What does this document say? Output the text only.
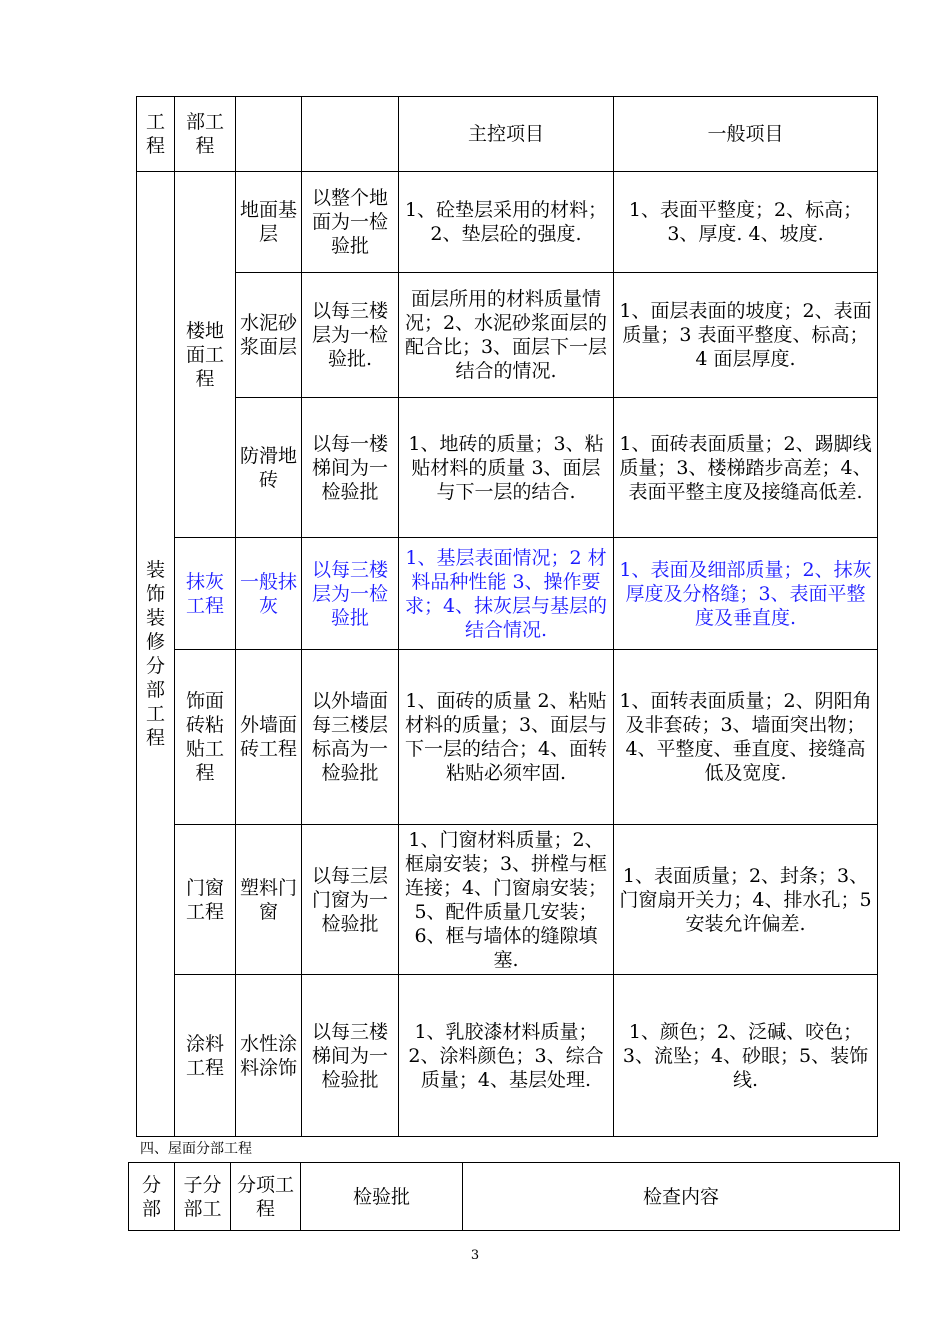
工程	部工程			主控项目	一般项目
装饰装修分部工程	楼地面工程	地面基层	以整个地面为一检验批	1、砼垫层采用的材料；2、垫层砼的强度.	1、表面平整度；2、标高；3、厚度. 4、坡度.
		水泥砂浆面层	以每三楼层为一检验批.	面层所用的材料质量情况；2、水泥砂浆面层的配合比；3、面层下一层结合的情况.	1、面层表面的坡度；2、表面质量；3 表面平整度、标高；4 面层厚度.
		防滑地砖	以每一楼梯间为一检验批	1、地砖的质量；3、粘贴材料的质量 3、面层与下一层的结合.	1、面砖表面质量；2、踢脚线质量；3、楼梯踏步高差；4、表面平整主度及接缝高低差.
	抹灰工程	一般抹灰	以每三楼层为一检验批	1、基层表面情况；2 材料品种性能 3、操作要求；4、抹灰层与基层的结合情况.	1、表面及细部质量；2、抹灰厚度及分格缝；3、表面平整度及垂直度.
	饰面砖粘贴工程	外墙面砖工程	以外墙面每三楼层标高为一检验批	1、面砖的质量 2、粘贴材料的质量；3、面层与下一层的结合；4、面转粘贴必须牢固.	1、面转表面质量；2、阴阳角及非套砖；3、墙面突出物；4、平整度、垂直度、接缝高低及宽度.
	门窗工程	塑料门窗	以每三层门窗为一检验批	1、门窗材料质量；2、框扇安装；3、拼樘与框连接；4、门窗扇安装；5、配件质量几安装；6、框与墙体的缝隙填塞.	1、表面质量；2、封条；3、门窗扇开关力；4、排水孔；5 安装允许偏差.
	涂料工程	水性涂料涂饰	以每三楼梯间为一检验批	1、乳胶漆材料质量；2、涂料颜色；3、综合质量；4、基层处理.	1、颜色；2、泛碱、咬色；3、流坠；4、砂眼；5、装饰线.
四、屋面分部工程
分部	子分部工	分项工程	检验批	检查内容
3
